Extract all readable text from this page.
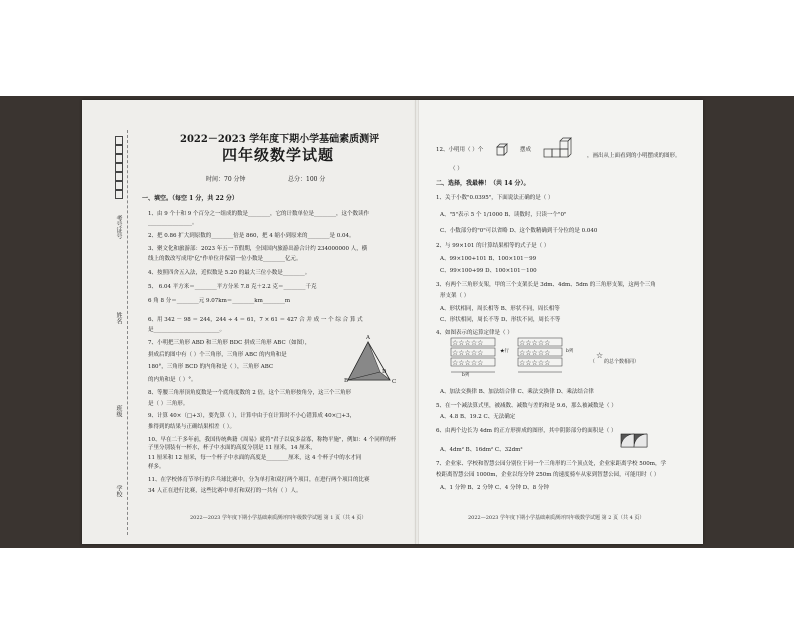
考号证号
姓名
班级
学校
2022－2023 学年度下期小学基础素质测评
四年级数学试题
时间：70 分钟	总分：100 分
一、填空。（每空 1 分，共 22 分）
1、由 9 个十和 9 个百分之一组成的数是________，它的计数单位是________，这个数读作
________________。
2、把 0.86 扩大到原数的________倍是 860，把 4 缩小到原来的________是 0.04。
3、聚文化和旅游部：2023 年五一节假期，全国国内旅游出游合计约 234000000 人，横
线上的数改写成用"亿"作单位并保留一位小数是________亿元。
4、按照四舍五入法，近似数是 5.20 的最大三位小数是________。
5、 6.04 平方米＝________平方分米 7.8 克＋2.2 克＝________千克
6 角 8 分＝________元 9.07km＝________km________m
6、用 342 － 98 ＝ 244，244 ÷ 4 ＝ 61，7 × 61 ＝ 427 合 并 成 一 个 综 合 算 式
是________________________。
7、小明把三角形 ABD 和三角形 BDC 拼成三角形 ABC（如图），
拼成后的图中有（ ）个三角形，三角形 ABC 的内角和是
180°，三角形 BCD 的内角和是（ ），三角形 ABC
的内角和是（ ）°。
A
B
D
C
8、等腰三角形顶角度数是一个底角度数的 2 倍，这个三角形按角分，这三个三角形
是（ ）三角形。
9、计算 40×（□+3），要先算（ ），计算中由于在计算时不小心错算成 40×□+3，
推得到的结果与正确结果相差（ ）。
10、早在二千多年前，我国传统典籍《周易》就将"君子以裒多益寡，称物平施"，例如：4 个同样的杯子里分别装有一杯水，杯子中水面的高度分别是 11 厘米，14 厘米，
11 厘米和 12 厘米，每一个杯子中水面的高度是________厘米，这 4 个杯子中的水才同
样多。
11、在学校体育节举行的乒乓球比赛中，分为单打和双打两个项目，在进行两个项目的比赛
34 人正在进行比赛，这些比赛中单打和双打的一共有（ ）人。
2022—2023 学年度下期小学基础素质测评四年级数学试题 第 1 页（共 4 页）
12、小明用（ ）个	摆成
，画出从上面看到的小明摆成的图形。
（ ）
二、选择，我最棒！（共 14 分）。
1、关于小数"0.0395"，下面说法正确的是（ ）
A、"5"表示 5 个 1/1000 B、读数时，只读一个"0"
C、小数部分的"0"可以省略 D、这个数精确到千分位的是 0.040
2、与 99×101 的计算结果相等的式子是（ ）
A、99×100+101 B、100×101－99
C、99×100+99 D、100×101－100
3、有两个三角形支架，甲的三个支架长是 3dm、4dm、5dm 的三角形支架，这两个三角
形支架（ ）
A、形状相同，周长相等 B、形状不同，周长相等
C、形状相同，周长不等 D、形状不同，周长不等
4、如图表示的运算定律是（ ）
☆☆☆☆☆
☆☆☆☆☆
☆☆☆☆☆
☆☆☆☆☆
☆☆☆☆☆
☆☆☆☆☆
☆
★行
b列
b列
（ 的总个数相同）
A、加法交换律 B、加法结合律 C、乘法交换律 D、乘法结合律
5、在一个减法算式里，被减数、减数与差的和是 9.6，那么被减数是（ ）
A、4.8 B、19.2 C、无法确定
6、由两个边长为 4dm 的正方形拼成的图形，其中阴影部分的面积是（ ）
A、4dm² B、16dm² C、32dm²
7、企业家、学校和智慧公园分别位于同一个三角形的三个顶点处，企业家距离学校 500m，学
校距离智慧公园 1000m，企业以每分钟 250m 的速度骑车从家到智慧公园，可能用时（ ）
A、1 分钟 B、2 分钟 C、4 分钟 D、8 分钟
2022—2023 学年度下期小学基础素质测评四年级数学试题 第 2 页（共 4 页）
